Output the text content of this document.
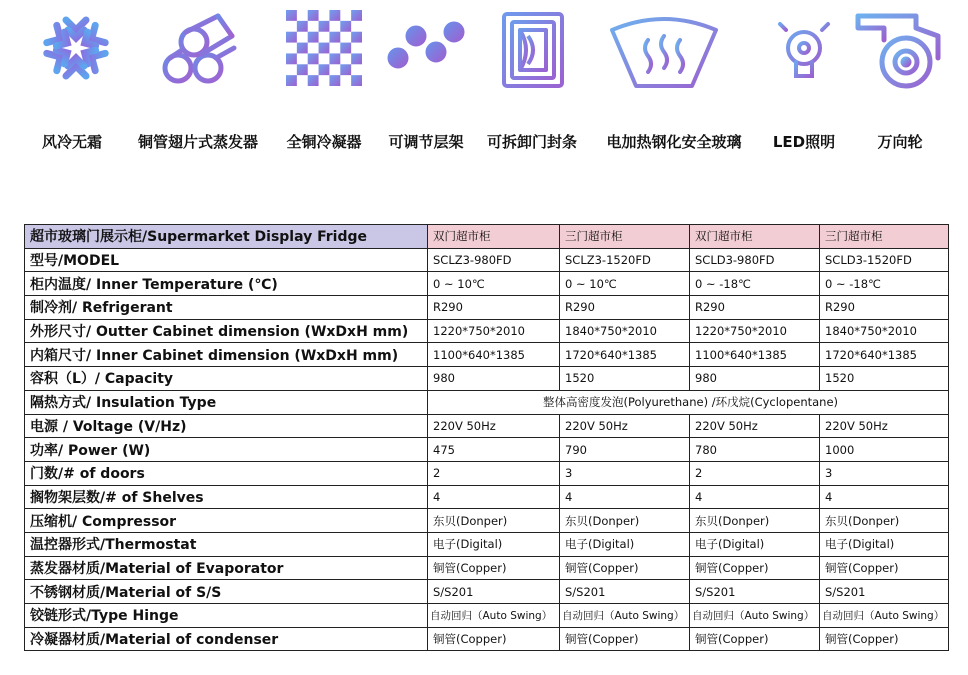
风冷无霜 铜管翅片式蒸发器 全铜冷凝器 可调节层架 可拆卸门封条 电加热钢化安全玻璃 LED照明	万向轮
超市玻璃门展示柜/Supermarket Display Fridge	双门超市柜	三门超市柜	双门超市柜	三门超市柜
型号/MODEL	SCLZ3-980FD	SCLZ3-1520FD	SCLD3-980FD	SCLD3-1520FD
柜内温度/ Inner Temperature (℃)	0 ~ 10℃	0 ~ 10℃	0 ~ -18℃	0 ~ -18℃
制冷剂/ Refrigerant	R290	R290	R290	R290
外形尺寸/ Outter Cabinet dimension (WxDxH mm)	1220*750*2010	1840*750*2010	1220*750*2010	1840*750*2010
内箱尺寸/ Inner Cabinet dimension (WxDxH mm)	1100*640*1385	1720*640*1385	1100*640*1385	1720*640*1385
容积（L）/ Capacity	980	1520	980	1520
隔热方式/ Insulation Type	整体高密度发泡(Polyurethane) /环戊烷(Cyclopentane)			
电源 / Voltage (V/Hz)	220V 50Hz	220V 50Hz	220V 50Hz	220V 50Hz
功率/ Power (W)	475	790	780	1000
门数/# of doors	2	3	2	3
搁物架层数/# of Shelves	4	4	4	4
压缩机/ Compressor	东贝(Donper)	东贝(Donper)	东贝(Donper)	东贝(Donper)
温控器形式/Thermostat	电子(Digital)	电子(Digital)	电子(Digital)	电子(Digital)
蒸发器材质/Material of Evaporator	铜管(Copper)	铜管(Copper)	铜管(Copper)	铜管(Copper)
不锈钢材质/Material of S/S	S/S201	S/S201	S/S201	S/S201
铰链形式/Type Hinge	自动回归（Auto Swing）	自动回归（Auto Swing）	自动回归（Auto Swing）	自动回归（Auto Swing）
冷凝器材质/Material of condenser	铜管(Copper)	铜管(Copper)	铜管(Copper)	铜管(Copper)
